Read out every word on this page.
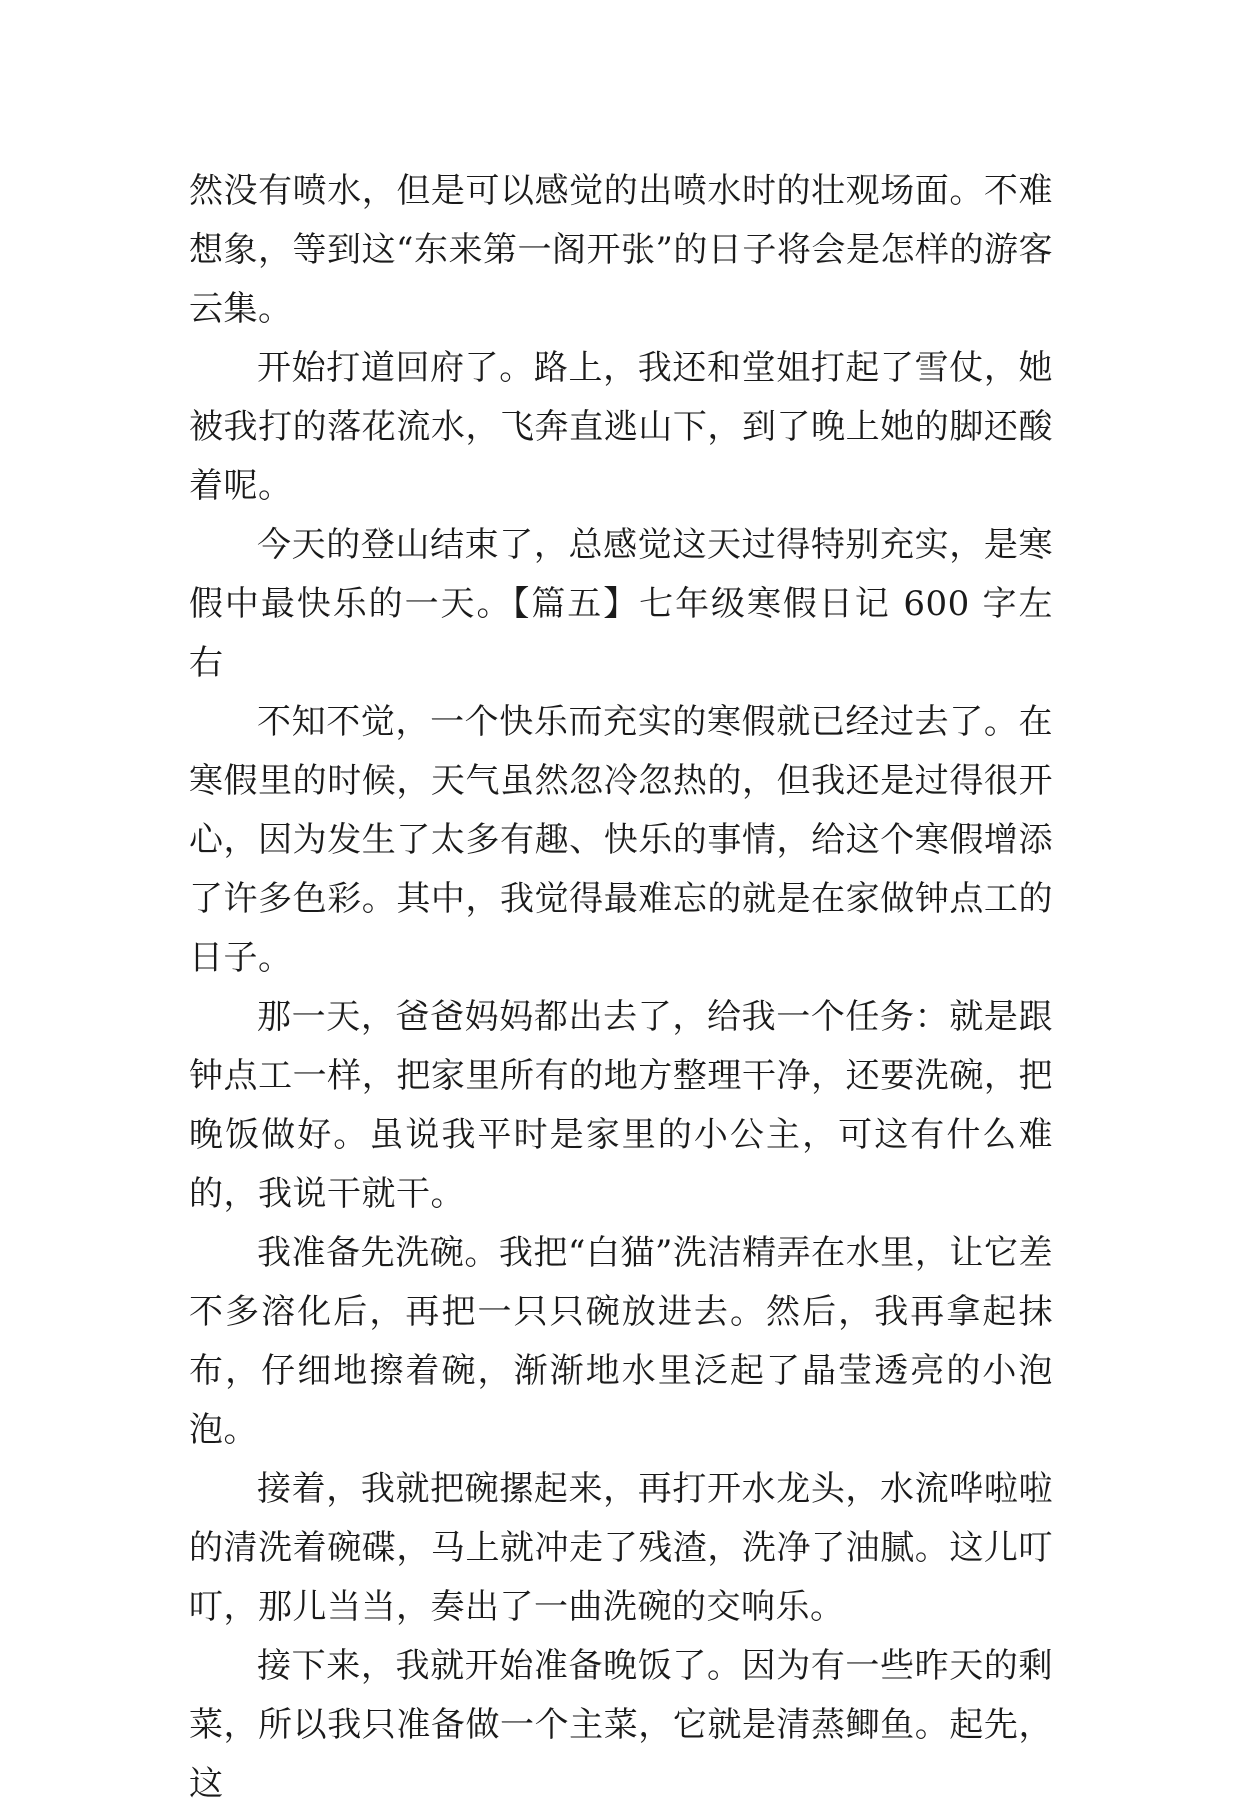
然没有喷水，但是可以感觉的出喷水时的壮观场面。不难想象，等到这“东来第一阁开张”的日子将会是怎样的游客云集。

开始打道回府了。路上，我还和堂姐打起了雪仗，她被我打的落花流水，飞奔直逃山下，到了晚上她的脚还酸着呢。

今天的登山结束了，总感觉这天过得特别充实，是寒假中最快乐的一天。【篇五】七年级寒假日记 600 字左右

不知不觉，一个快乐而充实的寒假就已经过去了。在寒假里的时候，天气虽然忽冷忽热的，但我还是过得很开心，因为发生了太多有趣、快乐的事情，给这个寒假增添了许多色彩。其中，我觉得最难忘的就是在家做钟点工的日子。

那一天，爸爸妈妈都出去了，给我一个任务：就是跟钟点工一样，把家里所有的地方整理干净，还要洗碗，把晚饭做好。虽说我平时是家里的小公主，可这有什么难的，我说干就干。

我准备先洗碗。我把“白猫”洗洁精弄在水里，让它差不多溶化后，再把一只只碗放进去。然后，我再拿起抹布，仔细地擦着碗，渐渐地水里泛起了晶莹透亮的小泡泡。

接着，我就把碗摞起来，再打开水龙头，水流哗啦啦的清洗着碗碟，马上就冲走了残渣，洗净了油腻。这儿叮叮，那儿当当，奏出了一曲洗碗的交响乐。

接下来，我就开始准备晚饭了。因为有一些昨天的剩菜，所以我只准备做一个主菜，它就是清蒸鲫鱼。起先，这
